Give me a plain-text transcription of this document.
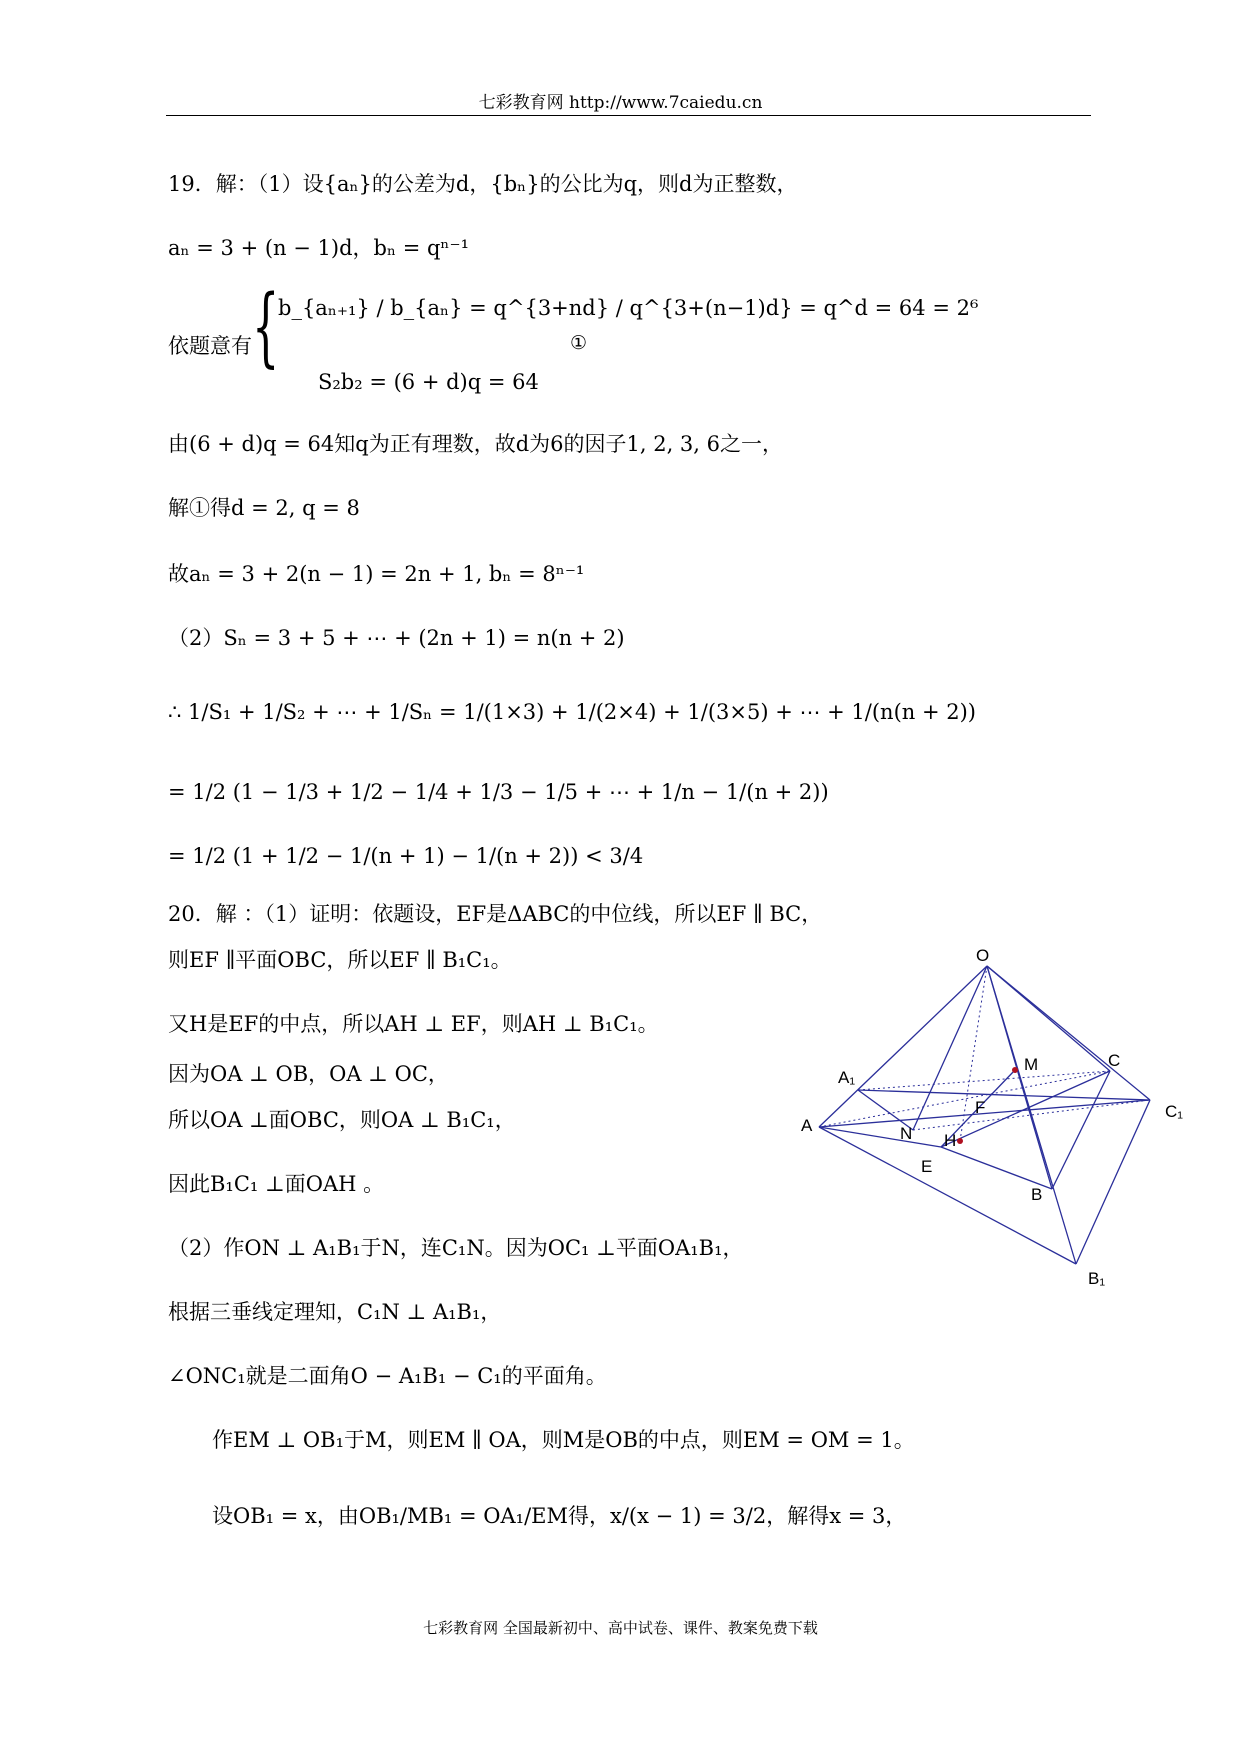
七彩教育网 http://www.7caiedu.cn
19．解：（1）设{aₙ}的公差为d，{bₙ}的公比为q，则d为正整数，
aₙ = 3 + (n − 1)d，bₙ = qⁿ⁻¹
依题意有 {
b_{aₙ₊₁} / b_{aₙ} = q^{3+nd} / q^{3+(n−1)d} = q^d = 64 = 2⁶
①
S₂b₂ = (6 + d)q = 64
由(6 + d)q = 64知q为正有理数，故d为6的因子1, 2, 3, 6之一，
解①得d = 2, q = 8
故aₙ = 3 + 2(n − 1) = 2n + 1, bₙ = 8ⁿ⁻¹
（2）Sₙ = 3 + 5 + ⋯ + (2n + 1) = n(n + 2)
∴ 1/S₁ + 1/S₂ + ⋯ + 1/Sₙ = 1/(1×3) + 1/(2×4) + 1/(3×5) + ⋯ + 1/(n(n + 2))
= 1/2 (1 − 1/3 + 1/2 − 1/4 + 1/3 − 1/5 + ⋯ + 1/n − 1/(n + 2))
= 1/2 (1 + 1/2 − 1/(n + 1) − 1/(n + 2)) < 3/4
20．解 ：（1）证明：依题设，EF是ΔABC的中位线，所以EF ∥ BC，
则EF ∥平面OBC，所以EF ∥ B₁C₁。
又H是EF的中点，所以AH ⊥ EF，则AH ⊥ B₁C₁。
因为OA ⊥ OB，OA ⊥ OC，
所以OA ⊥面OBC，则OA ⊥ B₁C₁，
因此B₁C₁ ⊥面OAH 。
（2）作ON ⊥ A₁B₁于N，连C₁N。因为OC₁ ⊥平面OA₁B₁，
根据三垂线定理知，C₁N ⊥ A₁B₁，
∠ONC₁就是二面角O − A₁B₁ − C₁的平面角。
作EM ⊥ OB₁于M，则EM ∥ OA，则M是OB的中点，则EM = OM = 1。
设OB₁ = x，由OB₁/MB₁ = OA₁/EM得，x/(x − 1) = 3/2，解得x = 3，
O
A₁
F
M	C
C₁
A
H
N
E
B
B₁
七彩教育网 全国最新初中、高中试卷、课件、教案免费下载
